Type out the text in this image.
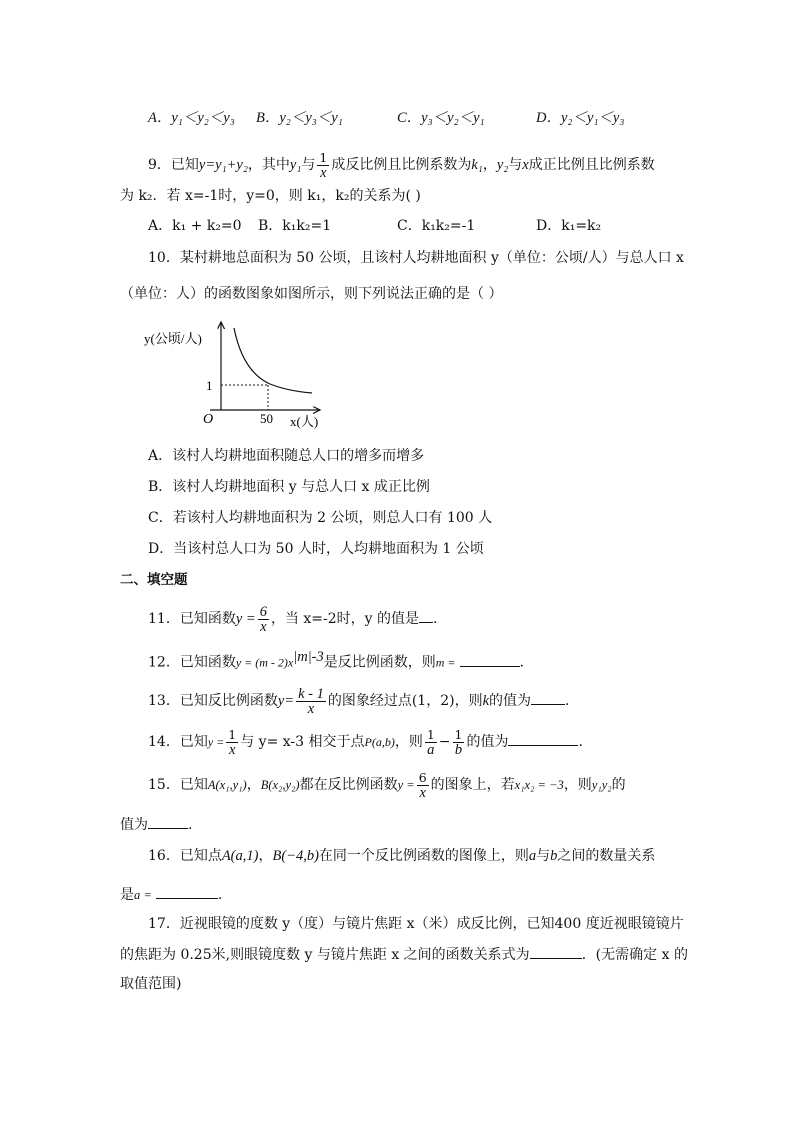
A．y₁＜y₂＜y₃ B．y₂＜y₃＜y₁	C．y₃＜y₂＜y₁	D．y₂＜y₁＜y₃
9．已知y=y₁+y₂，其中y₁与 $\frac{1}{x}$ 成反比例且比例系数为k₁，y₂与x成正比例且比例系数
为 k₂．若 x=-1时，y=0，则 k₁，k₂的关系为( )
A．k₁ + k₂=0 B．k₁k₂=1	C．k₁k₂=-1	D．k₁=k₂
10．某村耕地总面积为 50 公顷，且该村人均耕地面积 y（单位：公顷/人）与总人口 x
（单位：人）的函数图象如图所示，则下列说法正确的是（ ）
y(公顷/人)
1
O	50 x(人)
A．该村人均耕地面积随总人口的增多而增多
B．该村人均耕地面积 y 与总人口 x 成正比例
C．若该村人均耕地面积为 2 公顷，则总人口有 100 人
D．当该村总人口为 50 人时，人均耕地面积为 1 公顷
二、填空题
11．已知函数$y = \frac{6}{x}$ ，当 x=-2时，y 的值是 .
12．已知函数$y = (m - 2)x^{|m|-3}$是反比例函数，则m =	.
13．已知反比例函数$y= \frac{k - 1}{x}$ 的图象经过点(1，2)，则k的值为 .
14．已知$y = \frac{1}{x}$ 与 y= x-3 相交于点P(a,b)，则 $\frac{1}{a} - \frac{1}{b}$ 的值为	.
15．已知A(x₁,y₁)，B(x₂,y₂)都在反比例函数$y = \frac{6}{x}$ 的图象上，若x₁x₂ = −3，则y₁y₂的
值为	.
16．已知点A(a,1)，B(−4,b)在同一个反比例函数的图像上，则a与b之间的数量关系
是a =	.
17．近视眼镜的度数 y（度）与镜片焦距 x（米）成反比例，已知400 度近视眼镜镜片
的焦距为 0.25米,则眼镜度数 y 与镜片焦距 x 之间的函数关系式为	．(无需确定 x 的
取值范围)
